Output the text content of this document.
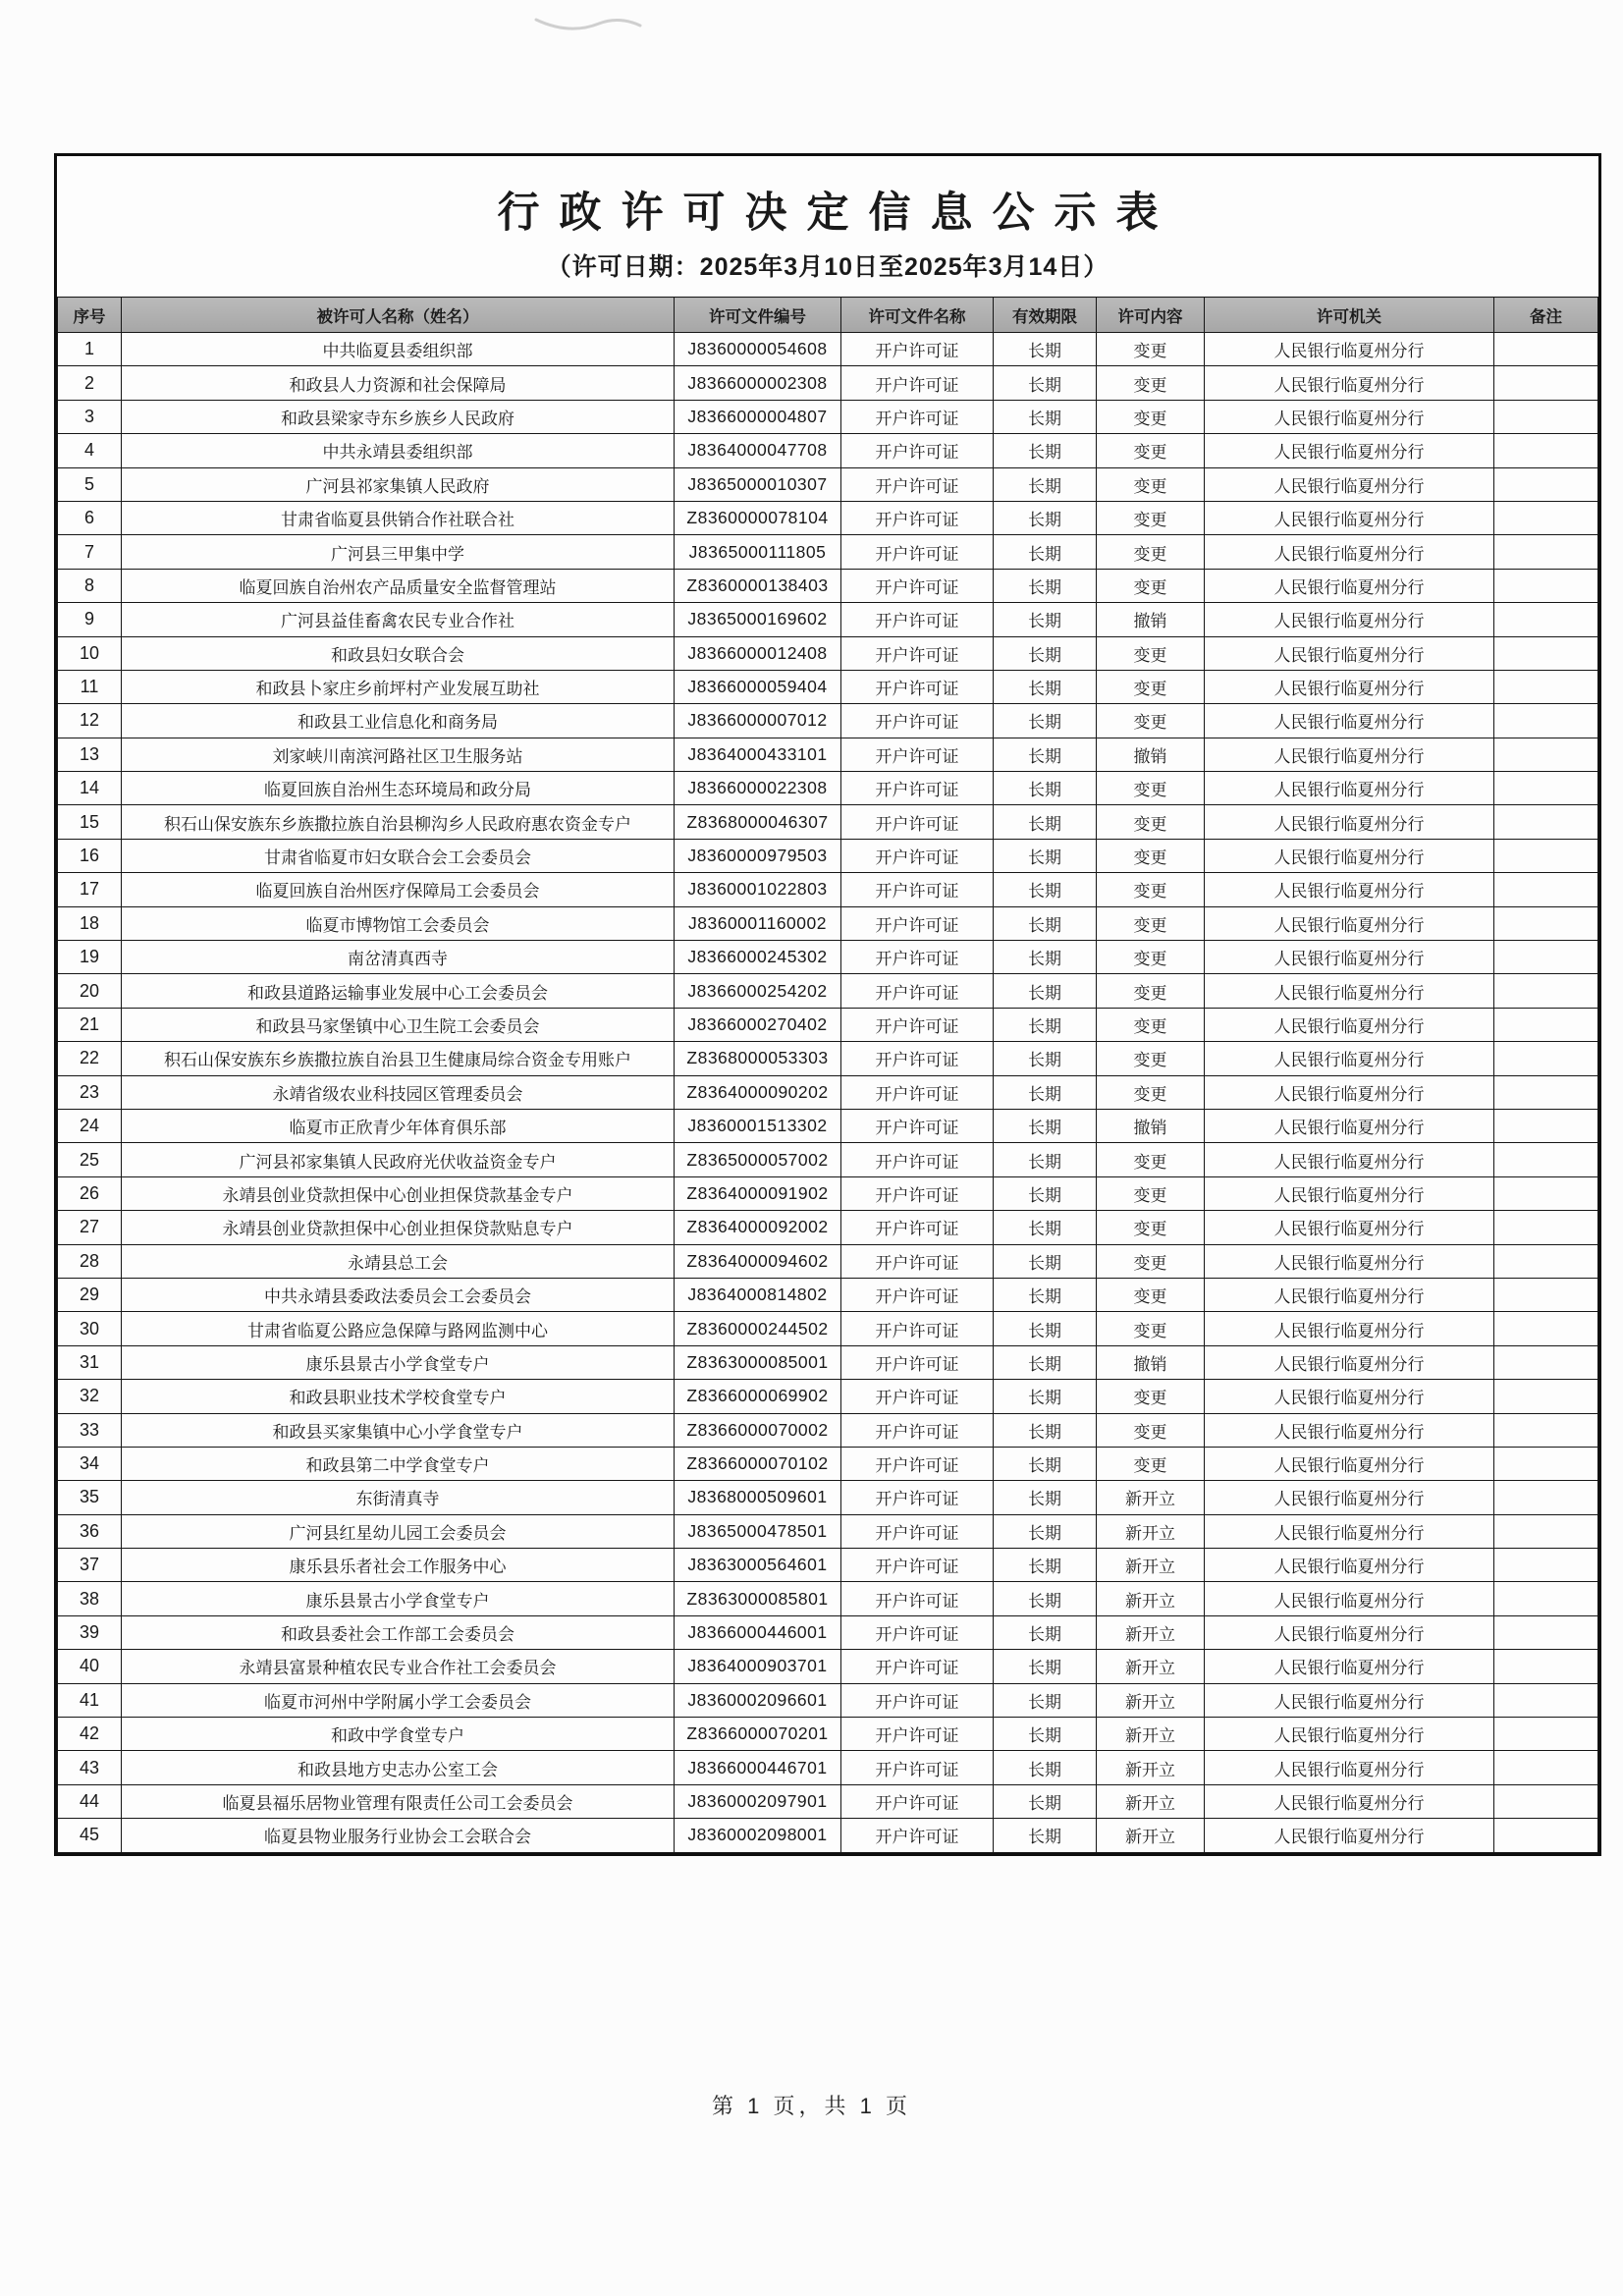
行政许可决定信息公示表
（许可日期：2025年3月10日至2025年3月14日）
序号	被许可人名称（姓名）	许可文件编号	许可文件名称	有效期限	许可内容	许可机关	备注
1	中共临夏县委组织部	J8360000054608	开户许可证	长期	变更	人民银行临夏州分行	
2	和政县人力资源和社会保障局	J8366000002308	开户许可证	长期	变更	人民银行临夏州分行	
3	和政县梁家寺东乡族乡人民政府	J8366000004807	开户许可证	长期	变更	人民银行临夏州分行	
4	中共永靖县委组织部	J8364000047708	开户许可证	长期	变更	人民银行临夏州分行	
5	广河县祁家集镇人民政府	J8365000010307	开户许可证	长期	变更	人民银行临夏州分行	
6	甘肃省临夏县供销合作社联合社	Z8360000078104	开户许可证	长期	变更	人民银行临夏州分行	
7	广河县三甲集中学	J8365000111805	开户许可证	长期	变更	人民银行临夏州分行	
8	临夏回族自治州农产品质量安全监督管理站	Z8360000138403	开户许可证	长期	变更	人民银行临夏州分行	
9	广河县益佳畜禽农民专业合作社	J8365000169602	开户许可证	长期	撤销	人民银行临夏州分行	
10	和政县妇女联合会	J8366000012408	开户许可证	长期	变更	人民银行临夏州分行	
11	和政县卜家庄乡前坪村产业发展互助社	J8366000059404	开户许可证	长期	变更	人民银行临夏州分行	
12	和政县工业信息化和商务局	J8366000007012	开户许可证	长期	变更	人民银行临夏州分行	
13	刘家峡川南滨河路社区卫生服务站	J8364000433101	开户许可证	长期	撤销	人民银行临夏州分行	
14	临夏回族自治州生态环境局和政分局	J8366000022308	开户许可证	长期	变更	人民银行临夏州分行	
15	积石山保安族东乡族撒拉族自治县柳沟乡人民政府惠农资金专户	Z8368000046307	开户许可证	长期	变更	人民银行临夏州分行	
16	甘肃省临夏市妇女联合会工会委员会	J8360000979503	开户许可证	长期	变更	人民银行临夏州分行	
17	临夏回族自治州医疗保障局工会委员会	J8360001022803	开户许可证	长期	变更	人民银行临夏州分行	
18	临夏市博物馆工会委员会	J8360001160002	开户许可证	长期	变更	人民银行临夏州分行	
19	南岔清真西寺	J8366000245302	开户许可证	长期	变更	人民银行临夏州分行	
20	和政县道路运输事业发展中心工会委员会	J8366000254202	开户许可证	长期	变更	人民银行临夏州分行	
21	和政县马家堡镇中心卫生院工会委员会	J8366000270402	开户许可证	长期	变更	人民银行临夏州分行	
22	积石山保安族东乡族撒拉族自治县卫生健康局综合资金专用账户	Z8368000053303	开户许可证	长期	变更	人民银行临夏州分行	
23	永靖省级农业科技园区管理委员会	Z8364000090202	开户许可证	长期	变更	人民银行临夏州分行	
24	临夏市正欣青少年体育俱乐部	J8360001513302	开户许可证	长期	撤销	人民银行临夏州分行	
25	广河县祁家集镇人民政府光伏收益资金专户	Z8365000057002	开户许可证	长期	变更	人民银行临夏州分行	
26	永靖县创业贷款担保中心创业担保贷款基金专户	Z8364000091902	开户许可证	长期	变更	人民银行临夏州分行	
27	永靖县创业贷款担保中心创业担保贷款贴息专户	Z8364000092002	开户许可证	长期	变更	人民银行临夏州分行	
28	永靖县总工会	Z8364000094602	开户许可证	长期	变更	人民银行临夏州分行	
29	中共永靖县委政法委员会工会委员会	J8364000814802	开户许可证	长期	变更	人民银行临夏州分行	
30	甘肃省临夏公路应急保障与路网监测中心	Z8360000244502	开户许可证	长期	变更	人民银行临夏州分行	
31	康乐县景古小学食堂专户	Z8363000085001	开户许可证	长期	撤销	人民银行临夏州分行	
32	和政县职业技术学校食堂专户	Z8366000069902	开户许可证	长期	变更	人民银行临夏州分行	
33	和政县买家集镇中心小学食堂专户	Z8366000070002	开户许可证	长期	变更	人民银行临夏州分行	
34	和政县第二中学食堂专户	Z8366000070102	开户许可证	长期	变更	人民银行临夏州分行	
35	东街清真寺	J8368000509601	开户许可证	长期	新开立	人民银行临夏州分行	
36	广河县红星幼儿园工会委员会	J8365000478501	开户许可证	长期	新开立	人民银行临夏州分行	
37	康乐县乐者社会工作服务中心	J8363000564601	开户许可证	长期	新开立	人民银行临夏州分行	
38	康乐县景古小学食堂专户	Z8363000085801	开户许可证	长期	新开立	人民银行临夏州分行	
39	和政县委社会工作部工会委员会	J8366000446001	开户许可证	长期	新开立	人民银行临夏州分行	
40	永靖县富景种植农民专业合作社工会委员会	J8364000903701	开户许可证	长期	新开立	人民银行临夏州分行	
41	临夏市河州中学附属小学工会委员会	J8360002096601	开户许可证	长期	新开立	人民银行临夏州分行	
42	和政中学食堂专户	Z8366000070201	开户许可证	长期	新开立	人民银行临夏州分行	
43	和政县地方史志办公室工会	J8366000446701	开户许可证	长期	新开立	人民银行临夏州分行	
44	临夏县福乐居物业管理有限责任公司工会委员会	J8360002097901	开户许可证	长期	新开立	人民银行临夏州分行	
45	临夏县物业服务行业协会工会联合会	J8360002098001	开户许可证	长期	新开立	人民银行临夏州分行	
第 1 页，共 1 页
